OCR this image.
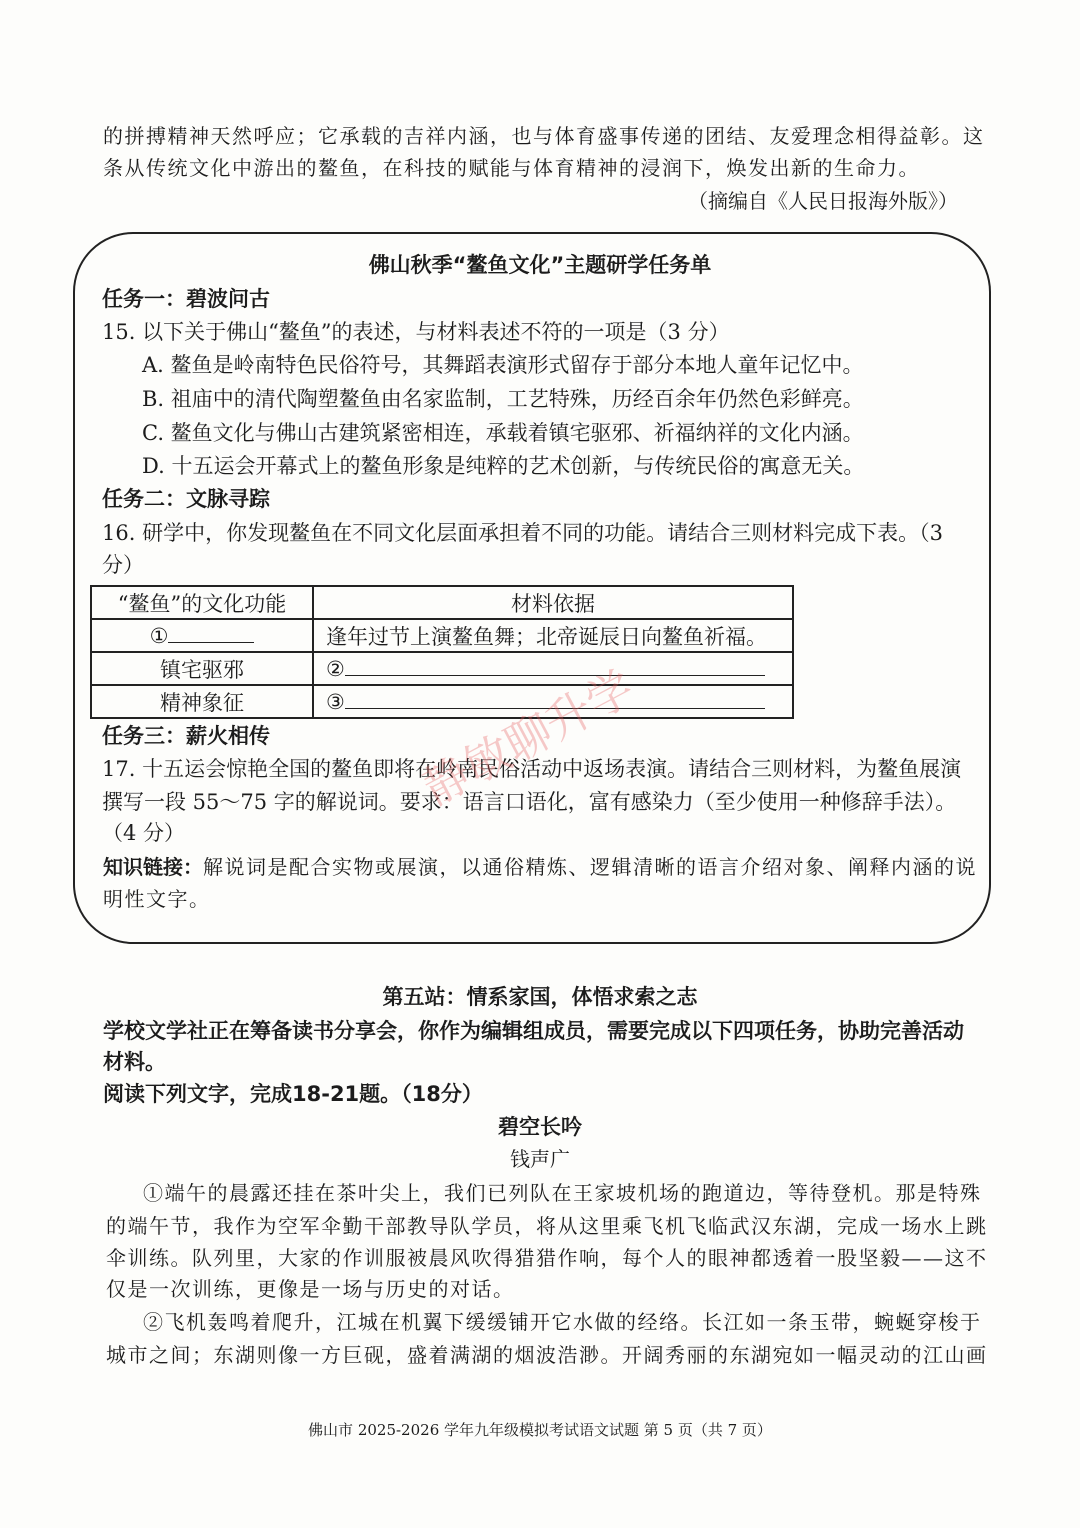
的拼搏精神天然呼应；它承载的吉祥内涵，也与体育盛事传递的团结、友爱理念相得益彰。这
条从传统文化中游出的鳌鱼，在科技的赋能与体育精神的浸润下，焕发出新的生命力。
（摘编自《人民日报海外版》）
佛山秋季“鳌鱼文化”主题研学任务单
任务一：碧波问古
15. 以下关于佛山“鳌鱼”的表述，与材料表述不符的一项是（3 分）
A. 鳌鱼是岭南特色民俗符号，其舞蹈表演形式留存于部分本地人童年记忆中。
B. 祖庙中的清代陶塑鳌鱼由名家监制，工艺特殊，历经百余年仍然色彩鲜亮。
C. 鳌鱼文化与佛山古建筑紧密相连，承载着镇宅驱邪、祈福纳祥的文化内涵。
D. 十五运会开幕式上的鳌鱼形象是纯粹的艺术创新，与传统民俗的寓意无关。
任务二：文脉寻踪
16. 研学中，你发现鳌鱼在不同文化层面承担着不同的功能。请结合三则材料完成下表。（3
分）
“鳌鱼”的文化功能	材料依据
①	逢年过节上演鳌鱼舞；北帝诞辰日向鳌鱼祈福。
镇宅驱邪	②
精神象征	③
任务三：薪火相传
17. 十五运会惊艳全国的鳌鱼即将在岭南民俗活动中返场表演。请结合三则材料，为鳌鱼展演
撰写一段 55～75 字的解说词。要求：语言口语化，富有感染力（至少使用一种修辞手法）。
（4 分）
知识链接：解说词是配合实物或展演，以通俗精炼、逻辑清晰的语言介绍对象、阐释内涵的说
明性文字。
第五站：情系家国，体悟求索之志
学校文学社正在筹备读书分享会，你作为编辑组成员，需要完成以下四项任务，协助完善活动
材料。
阅读下列文字，完成18-21题。（18分）
碧空长吟
钱声广
①端午的晨露还挂在茶叶尖上，我们已列队在王家坡机场的跑道边，等待登机。那是特殊
的端午节，我作为空军伞勤干部教导队学员，将从这里乘飞机飞临武汉东湖，完成一场水上跳
伞训练。队列里，大家的作训服被晨风吹得猎猎作响，每个人的眼神都透着一股坚毅——这不
仅是一次训练，更像是一场与历史的对话。
②飞机轰鸣着爬升，江城在机翼下缓缓铺开它水做的经络。长江如一条玉带，蜿蜒穿梭于
城市之间；东湖则像一方巨砚，盛着满湖的烟波浩渺。开阔秀丽的东湖宛如一幅灵动的江山画
静敏聊升学
佛山市 2025-2026 学年九年级模拟考试语文试题 第 5 页（共 7 页）
